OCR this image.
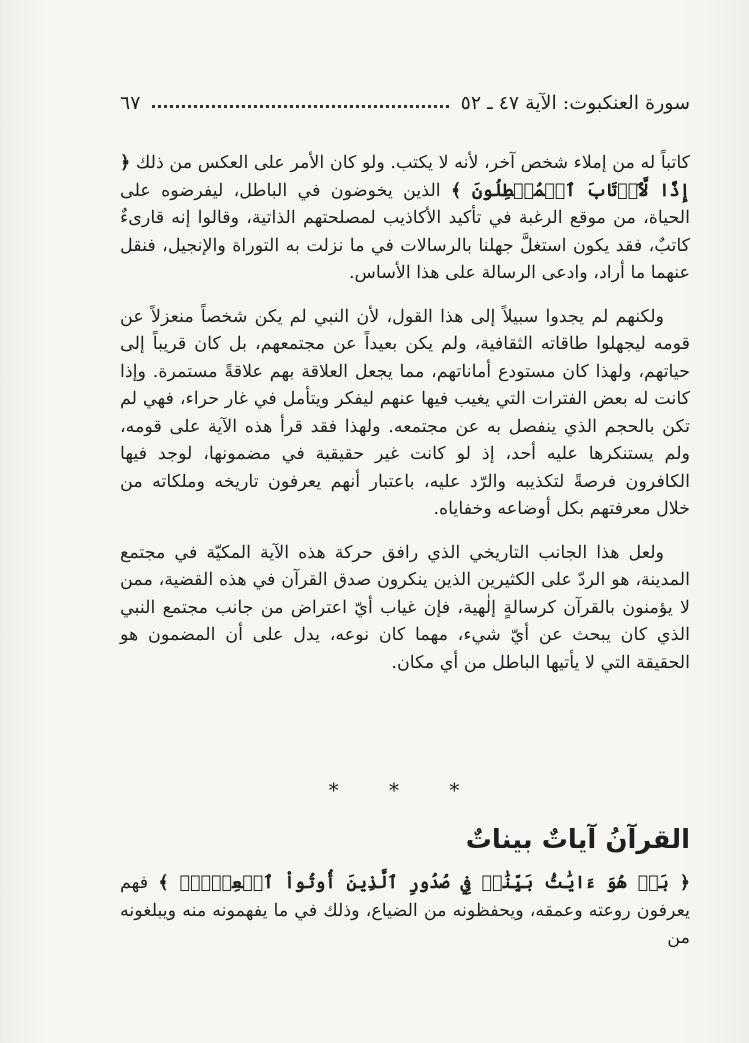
سورة العنكبوت: الآية ٤٧ ـ ٥٢
٦٧

كاتباً له من إملاء شخص آخر، لأنه لا يكتب. ولو كان الأمر على العكس من ذلك ﴿ إِذًا لَّٱرۡتَابَ ٱلۡمُبۡطِلُونَ ﴾ الذين يخوضون في الباطل، ليفرضوه على الحياة، من موقع الرغبة في تأكيد الأكاذيب لمصلحتهم الذاتية، وقالوا إنه قارىءٌ كاتبٌ، فقد يكون استغلَّ جهلنا بالرسالات في ما نزلت به التوراة والإنجيل، فنقل عنهما ما أراد، وادعى الرسالة على هذا الأساس.

ولكنهم لم يجدوا سبيلاً إلى هذا القول، لأن النبي لم يكن شخصاً منعزلاً عن قومه ليجهلوا طاقاته الثقافية، ولم يكن بعيداً عن مجتمعهم، بل كان قريباً إلى حياتهم، ولهذا كان مستودع أماناتهم، مما يجعل العلاقة بهم علاقةً مستمرة. وإذا كانت له بعض الفترات التي يغيب فيها عنهم ليفكر ويتأمل في غار حراء، فهي لم تكن بالحجم الذي ينفصل به عن مجتمعه. ولهذا فقد قرأ هذه الآية على قومه، ولم يستنكرها عليه أحد، إذ لو كانت غير حقيقية في مضمونها، لوجد فيها الكافرون فرصةً لتكذيبه والرّد عليه، باعتبار أنهم يعرفون تاريخه وملكاته من خلال معرفتهم بكل أوضاعه وخفاياه.

ولعل هذا الجانب التاريخي الذي رافق حركة هذه الآية المكيّة في مجتمع المدينة، هو الردّ على الكثيرين الذين ينكرون صدق القرآن في هذه القضية، ممن لا يؤمنون بالقرآن كرسالةٍ إلٰهية، فإن غياب أيّ اعتراض من جانب مجتمع النبي الذي كان يبحث عن أيّ شيء، مهما كان نوعه، يدل على أن المضمون هو الحقيقة التي لا يأتيها الباطل من أي مكان.

* * *
القرآنُ آياتٌ بيناتٌ

﴿ بَلۡ هُوَ ءَايَٰتُۢ بَيِّنَٰتٞ فِي صُدُورِ ٱلَّذِينَ أُوتُواْ ٱلۡعِلۡمَۚ ﴾ فهم يعرفون روعته وعمقه، ويحفظونه من الضياع، وذلك في ما يفهمونه منه ويبلغونه من
